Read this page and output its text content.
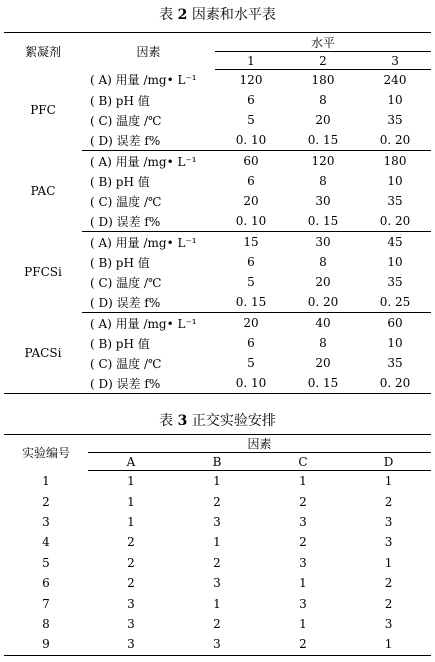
表 2 因素和水平表
絮凝剂	因素	水平		
		1	2	3
PFC	( A) 用量 /mg• L⁻¹	120	180	240
	( B) pH 值	6	8	10
	( C) 温度 /℃	5	20	35
	( D) 误差 f%	0. 10	0. 15	0. 20
PAC	( A) 用量 /mg• L⁻¹	60	120	180
	( B) pH 值	6	8	10
	( C) 温度 /℃	20	30	35
	( D) 误差 f%	0. 10	0. 15	0. 20
PFCSi	( A) 用量 /mg• L⁻¹	15	30	45
	( B) pH 值	6	8	10
	( C) 温度 /℃	5	20	35
	( D) 误差 f%	0. 15	0. 20	0. 25
PACSi	( A) 用量 /mg• L⁻¹	20	40	60
	( B) pH 值	6	8	10
	( C) 温度 /℃	5	20	35
	( D) 误差 f%	0. 10	0. 15	0. 20
表 3 正交实验安排
实验编号	因素			
	A	B	C	D
1	1	1	1	1
2	1	2	2	2
3	1	3	3	3
4	2	1	2	3
5	2	2	3	1
6	2	3	1	2
7	3	1	3	2
8	3	2	1	3
9	3	3	2	1
